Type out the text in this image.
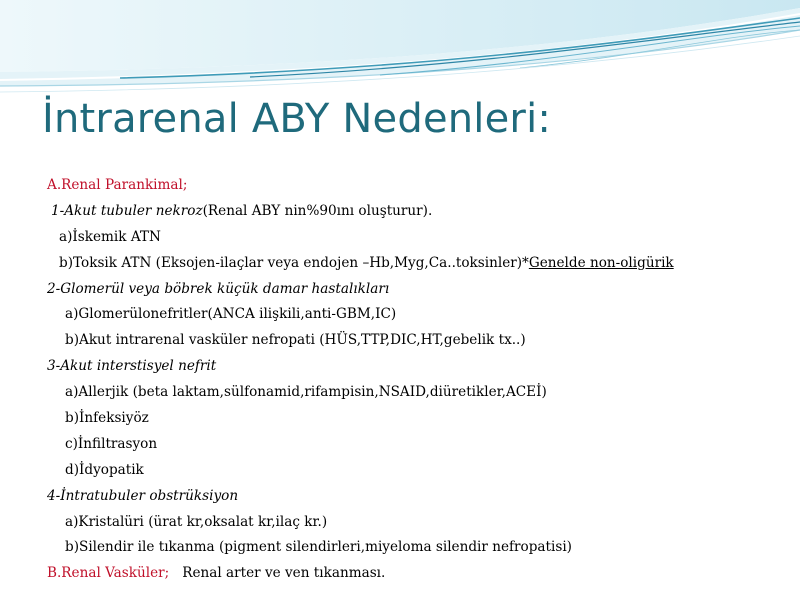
İntrarenal ABY Nedenleri:
A.Renal Parankimal;
1-Akut tubuler nekroz(Renal ABY nin%90ını oluşturur).
a)İskemik ATN
b)Toksik ATN (Eksojen-ilaçlar veya endojen –Hb,Myg,Ca..toksinler)*Genelde non-oligürik
2-Glomerül veya böbrek küçük damar hastalıkları
a)Glomerülonefritler(ANCA ilişkili,anti-GBM,IC)
b)Akut intrarenal vasküler nefropati (HÜS,TTP,DIC,HT,gebelik tx..)
3-Akut interstisyel nefrit
a)Allerjik (beta laktam,sülfonamid,rifampisin,NSAID,diüretikler,ACEİ)
b)İnfeksiyöz
c)İnfiltrasyon
d)İdyopatik
4-İntratubuler obstrüksiyon
a)Kristalüri (ürat kr,oksalat kr,ilaç kr.)
b)Silendir ile tıkanma (pigment silendirleri,miyeloma silendir nefropatisi)
B.Renal Vasküler; Renal arter ve ven tıkanması.
